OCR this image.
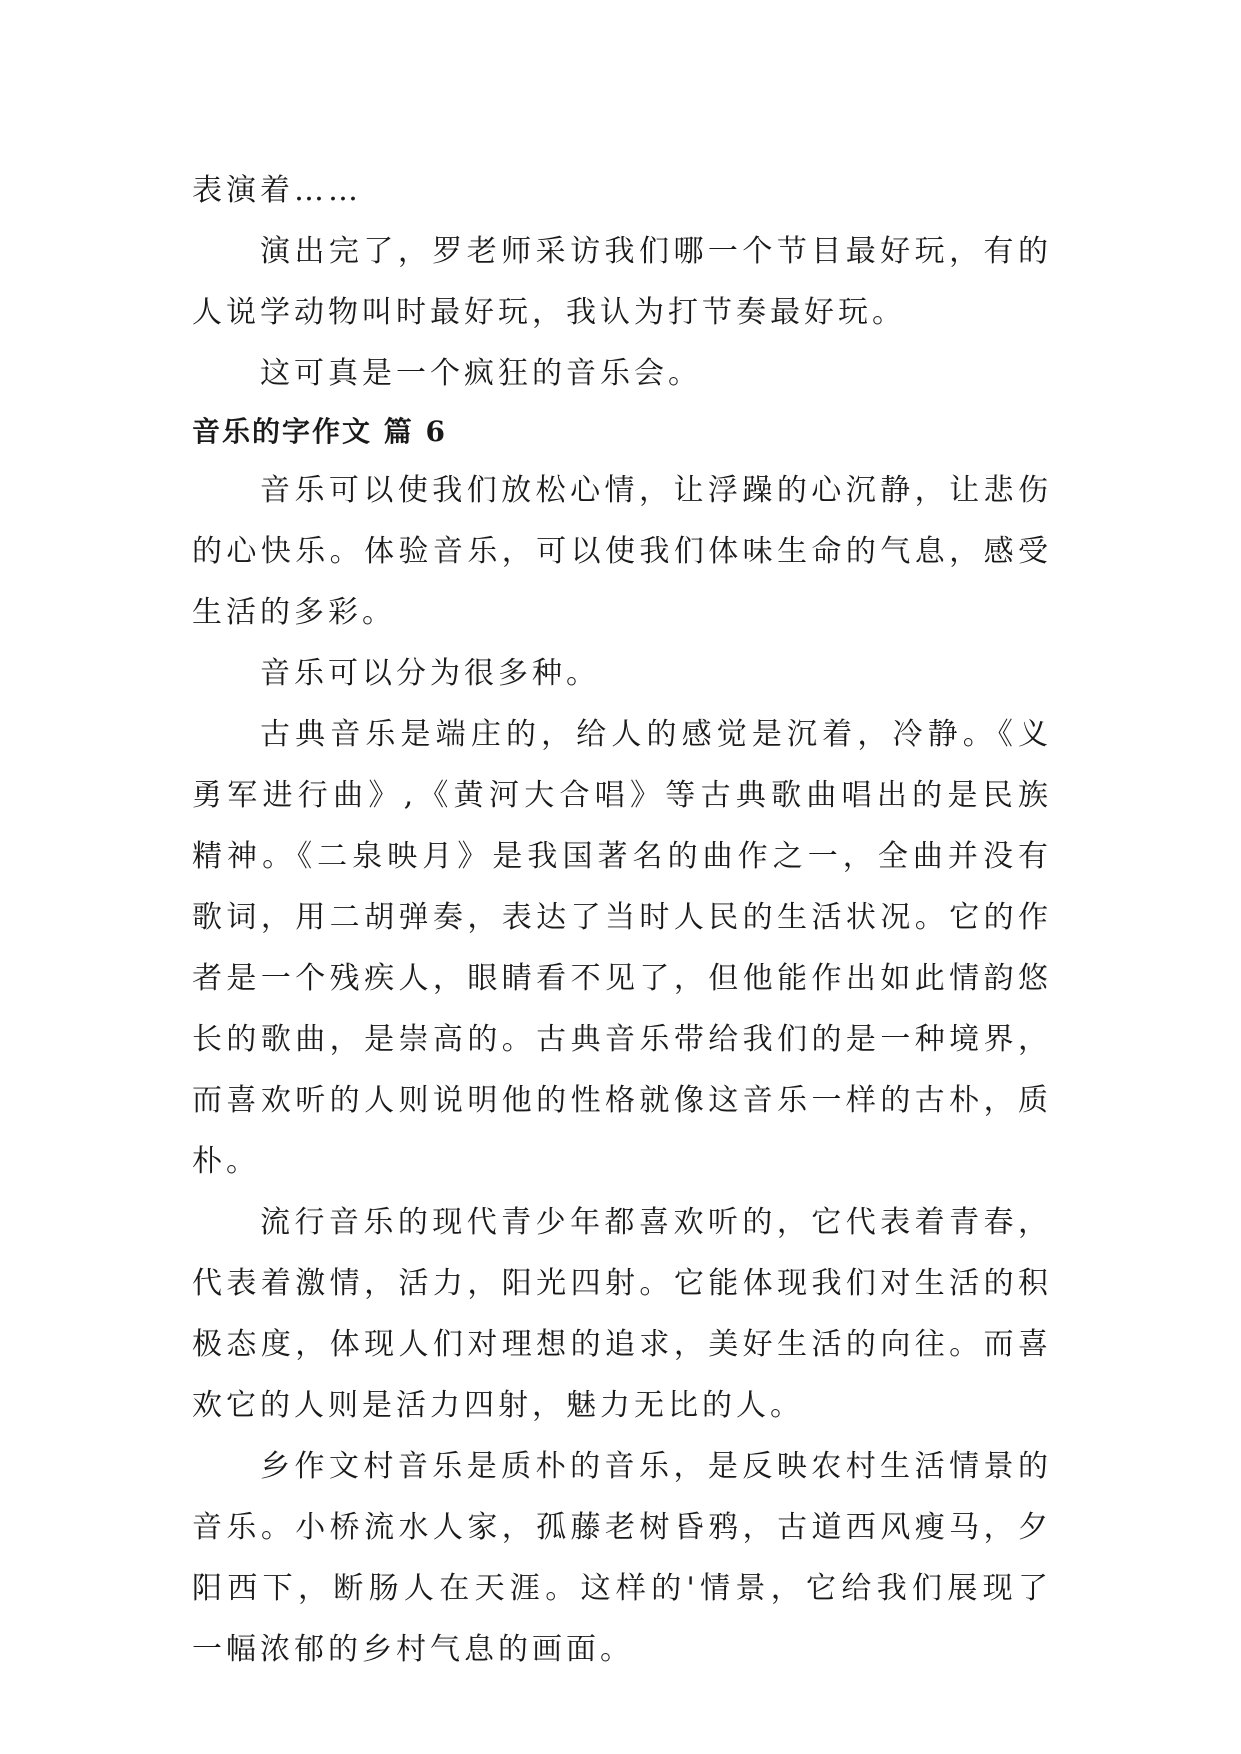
表演着……

演出完了，罗老师采访我们哪一个节目最好玩，有的人说学动物叫时最好玩，我认为打节奏最好玩。

这可真是一个疯狂的音乐会。

音乐的字作文 篇 6

音乐可以使我们放松心情，让浮躁的心沉静，让悲伤的心快乐。体验音乐，可以使我们体味生命的气息，感受生活的多彩。

音乐可以分为很多种。

古典音乐是端庄的，给人的感觉是沉着，冷静。《义勇军进行曲》,《黄河大合唱》等古典歌曲唱出的是民族精神。《二泉映月》是我国著名的曲作之一，全曲并没有歌词，用二胡弹奏，表达了当时人民的生活状况。它的作者是一个残疾人，眼睛看不见了，但他能作出如此情韵悠长的歌曲，是崇高的。古典音乐带给我们的是一种境界，而喜欢听的人则说明他的性格就像这音乐一样的古朴，质朴。

流行音乐的现代青少年都喜欢听的，它代表着青春，代表着激情，活力，阳光四射。它能体现我们对生活的积极态度，体现人们对理想的追求，美好生活的向往。而喜欢它的人则是活力四射，魅力无比的人。

乡作文村音乐是质朴的音乐，是反映农村生活情景的音乐。小桥流水人家，孤藤老树昏鸦，古道西风瘦马，夕阳西下，断肠人在天涯。这样的'情景，它给我们展现了一幅浓郁的乡村气息的画面。
